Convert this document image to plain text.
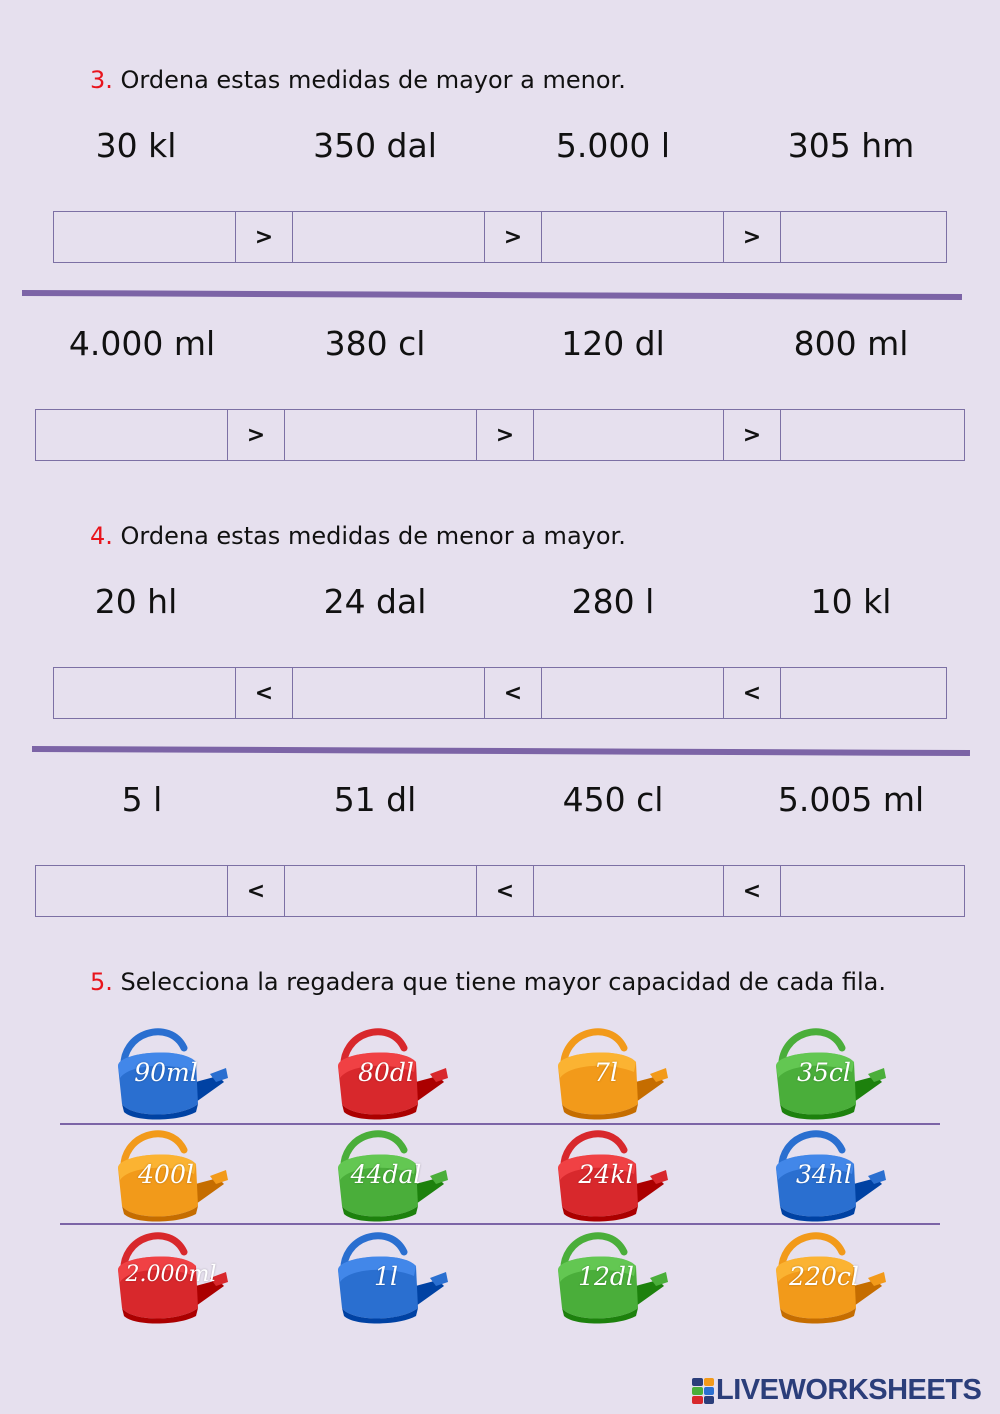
3. Ordena estas medidas de mayor a menor.
30 kl	350 dal	5.000 l	305 hm
>	>	>
4.000 ml	380 cl	120 dl	800 ml
>	>	>
4. Ordena estas medidas de menor a mayor.
20 hl	24 dal	280 l	10 kl
<	<	<
5 l	51 dl	450 cl	5.005 ml
<	<	<
5. Selecciona la regadera que tiene mayor capacidad de cada fila.
90ml	80dl	7l	35cl
400l	44dal	24kl	34hl
2.000ml	1l	12dl	220cl
LIVEWORKSHEETS
